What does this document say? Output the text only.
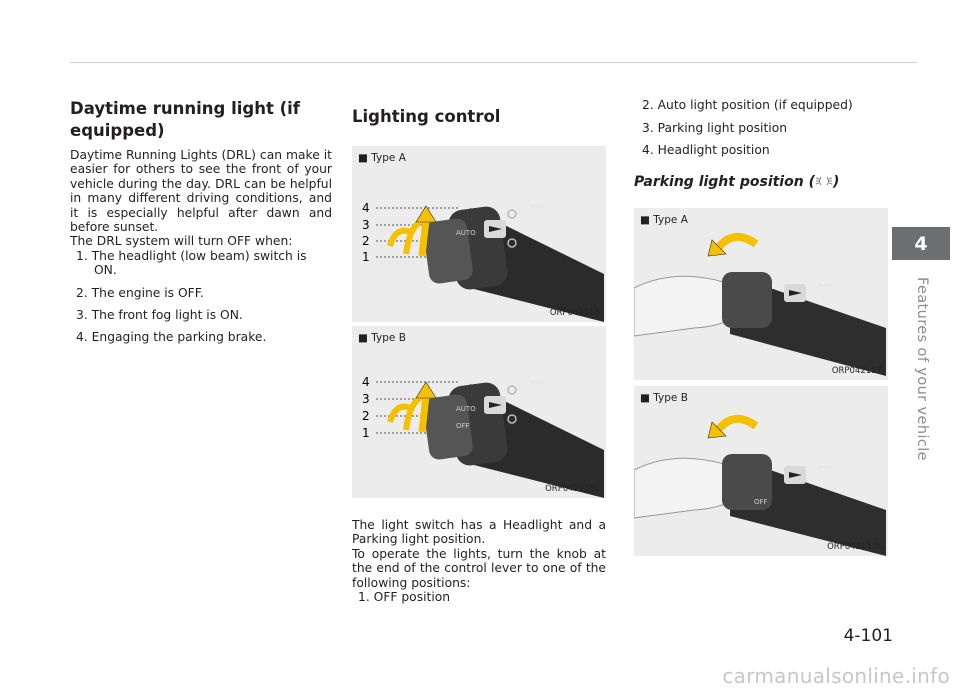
Daytime running light (if
equipped)

Daytime Running Lights (DRL) can make it easier for others to see the front of your vehicle during the day. DRL can be helpful in many different driving conditions, and it is especially helpful after dawn and before sunset.

The DRL system will turn OFF when:

1. The headlight (low beam) switch is ON.
2. The engine is OFF.
3. The front fog light is ON.
4. Engaging the parking brake.
Lighting control
⇦⇨
AUTO
4
3
2
1
■ Type A
ORP042115
⇦⇨
AUTO
OFF
4
3
2
1
■ Type B
ORP042115L

The light switch has a Headlight and a Parking light position.

To operate the lights, turn the knob at the end of the control lever to one of the following positions:

1. OFF position
2. Auto light position (if equipped)
3. Parking light position
4. Headlight position
Parking light position ( )
⇦⇨
■ Type A
ORP042117
⇦⇨
OFF
■ Type B
ORP042117L
4
Features of your vehicle
4-101
carmanualsonline.info
